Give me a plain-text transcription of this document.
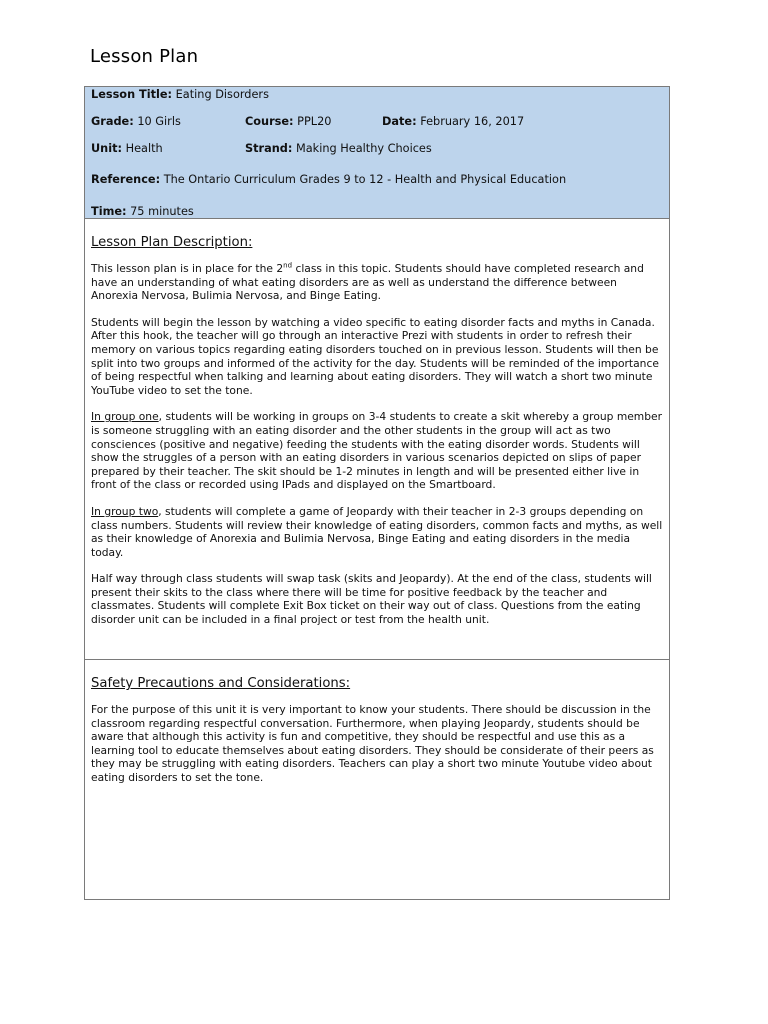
Lesson Plan
Lesson Title: Eating Disorders
Grade: 10 Girls	Course: PPL20	Date: February 16, 2017
Unit: Health	Strand: Making Healthy Choices
Reference: The Ontario Curriculum Grades 9 to 12 - Health and Physical Education
Time: 75 minutes
Lesson Plan Description:

This lesson plan is in place for the 2nd class in this topic. Students should have completed research and have an understanding of what eating disorders are as well as understand the difference between Anorexia Nervosa, Bulimia Nervosa, and Binge Eating.

Students will begin the lesson by watching a video specific to eating disorder facts and myths in Canada. After this hook, the teacher will go through an interactive Prezi with students in order to refresh their memory on various topics regarding eating disorders touched on in previous lesson. Students will then be split into two groups and informed of the activity for the day. Students will be reminded of the importance of being respectful when talking and learning about eating disorders. They will watch a short two minute YouTube video to set the tone.

In group one, students will be working in groups on 3-4 students to create a skit whereby a group member is someone struggling with an eating disorder and the other students in the group will act as two consciences (positive and negative) feeding the students with the eating disorder words. Students will show the struggles of a person with an eating disorders in various scenarios depicted on slips of paper prepared by their teacher. The skit should be 1-2 minutes in length and will be presented either live in front of the class or recorded using IPads and displayed on the Smartboard.

In group two, students will complete a game of Jeopardy with their teacher in 2-3 groups depending on class numbers. Students will review their knowledge of eating disorders, common facts and myths, as well as their knowledge of Anorexia and Bulimia Nervosa, Binge Eating and eating disorders in the media today.

Half way through class students will swap task (skits and Jeopardy). At the end of the class, students will present their skits to the class where there will be time for positive feedback by the teacher and classmates. Students will complete Exit Box ticket on their way out of class. Questions from the eating disorder unit can be included in a final project or test from the health unit.

Safety Precautions and Considerations:

For the purpose of this unit it is very important to know your students. There should be discussion in the classroom regarding respectful conversation. Furthermore, when playing Jeopardy, students should be aware that although this activity is fun and competitive, they should be respectful and use this as a learning tool to educate themselves about eating disorders. They should be considerate of their peers as they may be struggling with eating disorders. Teachers can play a short two minute Youtube video about eating disorders to set the tone.
